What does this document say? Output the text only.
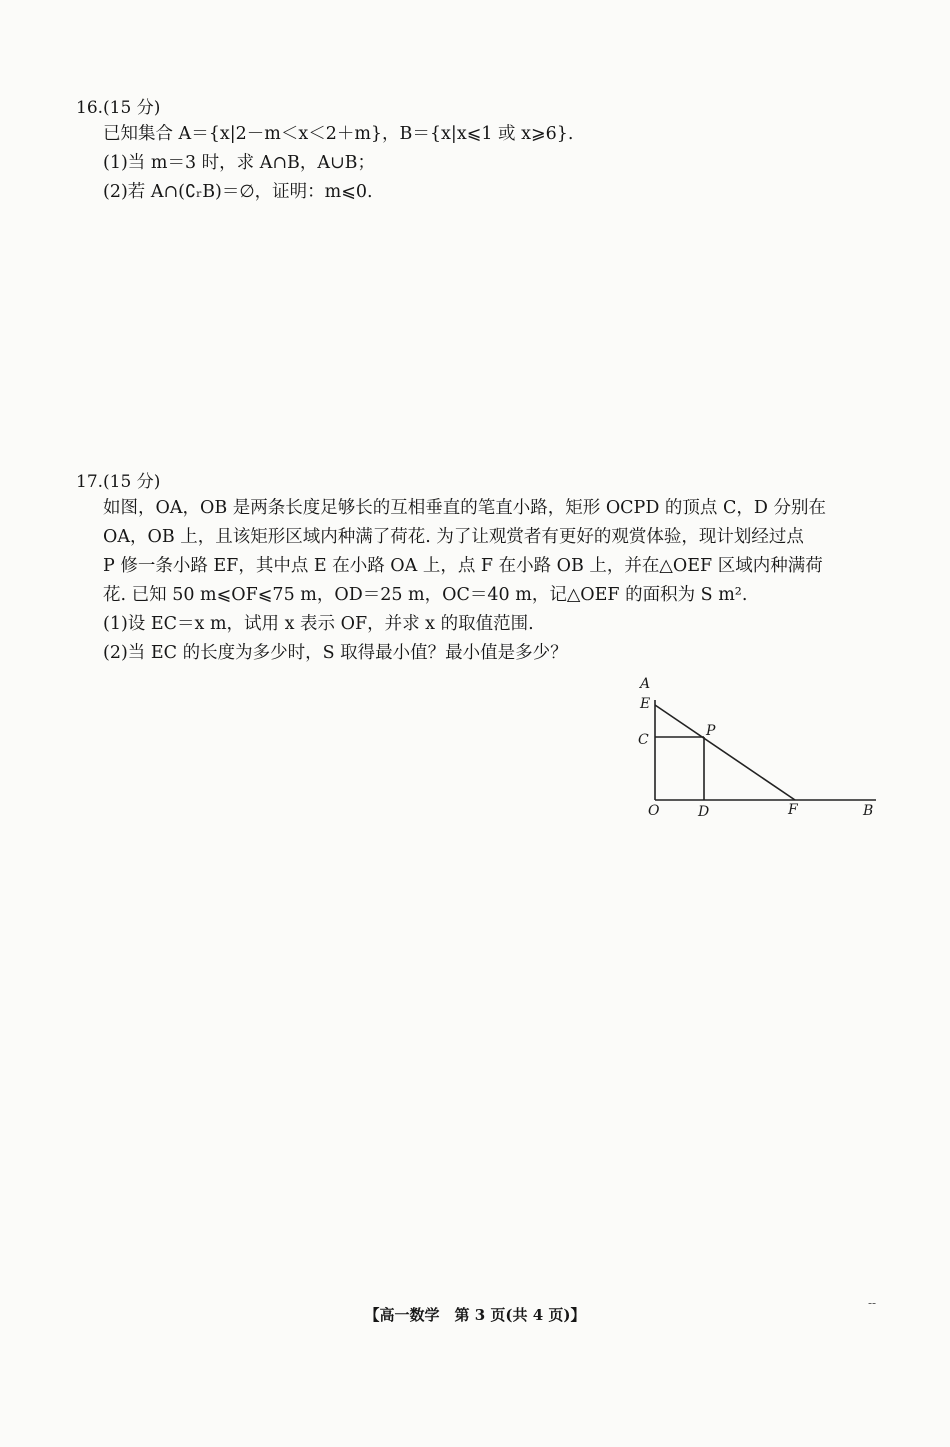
16.(15 分)

已知集合 A＝{x|2－m＜x＜2＋m}，B＝{x|x⩽1 或 x⩾6}.

(1)当 m＝3 时，求 A∩B，A∪B；

(2)若 A∩(∁ᵣB)＝∅，证明：m⩽0.

17.(15 分)

如图，OA，OB 是两条长度足够长的互相垂直的笔直小路，矩形 OCPD 的顶点 C，D 分别在

OA，OB 上，且该矩形区域内种满了荷花. 为了让观赏者有更好的观赏体验，现计划经过点

P 修一条小路 EF，其中点 E 在小路 OA 上，点 F 在小路 OB 上，并在△OEF 区域内种满荷

花. 已知 50 m⩽OF⩽75 m，OD＝25 m，OC＝40 m，记△OEF 的面积为 S m².

(1)设 EC＝x m，试用 x 表示 OF，并求 x 的取值范围.

(2)当 EC 的长度为多少时，S 取得最小值？最小值是多少？

A
E
C
P
O	D	F	B
【高一数学　第 3 页(共 4 页)】
--
